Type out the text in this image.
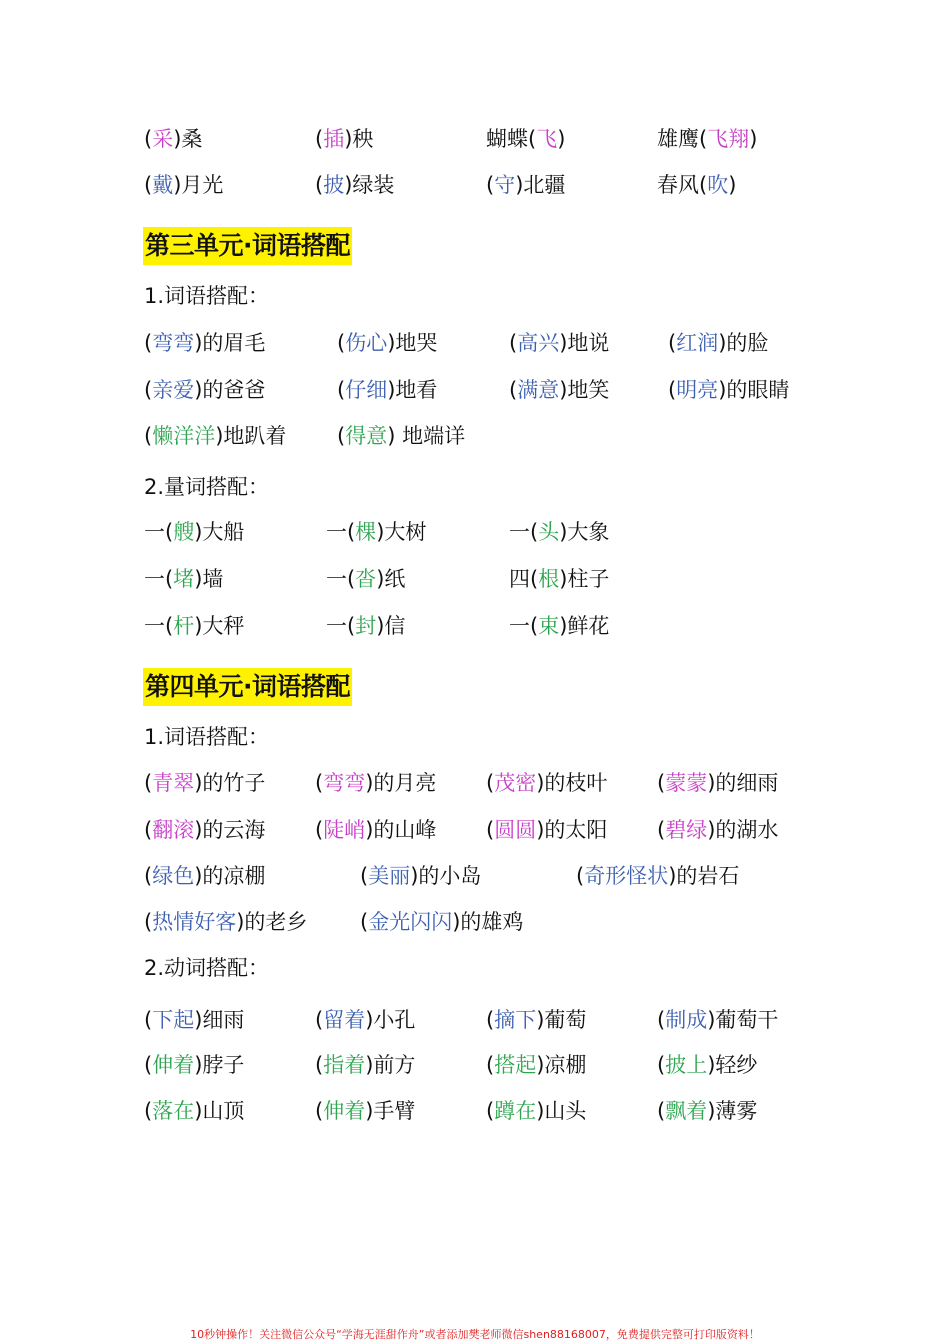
(采)桑	(插)秧	蝴蝶(飞)	雄鹰(飞翔)
(戴)月光	(披)绿装	(守)北疆	春风(吹)
第三单元·词语搭配
1.词语搭配：
(弯弯)的眉毛	(伤心)地哭	(高兴)地说	(红润)的脸
(亲爱)的爸爸	(仔细)地看	(满意)地笑	(明亮)的眼睛
(懒洋洋)地趴着 (得意) 地端详
2.量词搭配：
一(艘)大船	一(棵)大树	一(头)大象
一(堵)墙	一(沓)纸	四(根)柱子
一(杆)大秤	一(封)信	一(束)鲜花
第四单元·词语搭配
1.词语搭配：
(青翠)的竹子 (弯弯)的月亮 (茂密)的枝叶 (蒙蒙)的细雨
(翻滚)的云海 (陡峭)的山峰 (圆圆)的太阳 (碧绿)的湖水
(绿色)的凉棚	(美丽)的小岛	(奇形怪状)的岩石
(热情好客)的老乡	(金光闪闪)的雄鸡
2.动词搭配：
(下起)细雨	(留着)小孔	(摘下)葡萄	(制成)葡萄干
(伸着)脖子	(指着)前方	(搭起)凉棚	(披上)轻纱
(落在)山顶	(伸着)手臂	(蹲在)山头	(飘着)薄雾
10秒钟操作！关注微信公众号“学海无涯甜作舟”或者添加樊老师微信shen88168007，免费提供完整可打印版资料！
